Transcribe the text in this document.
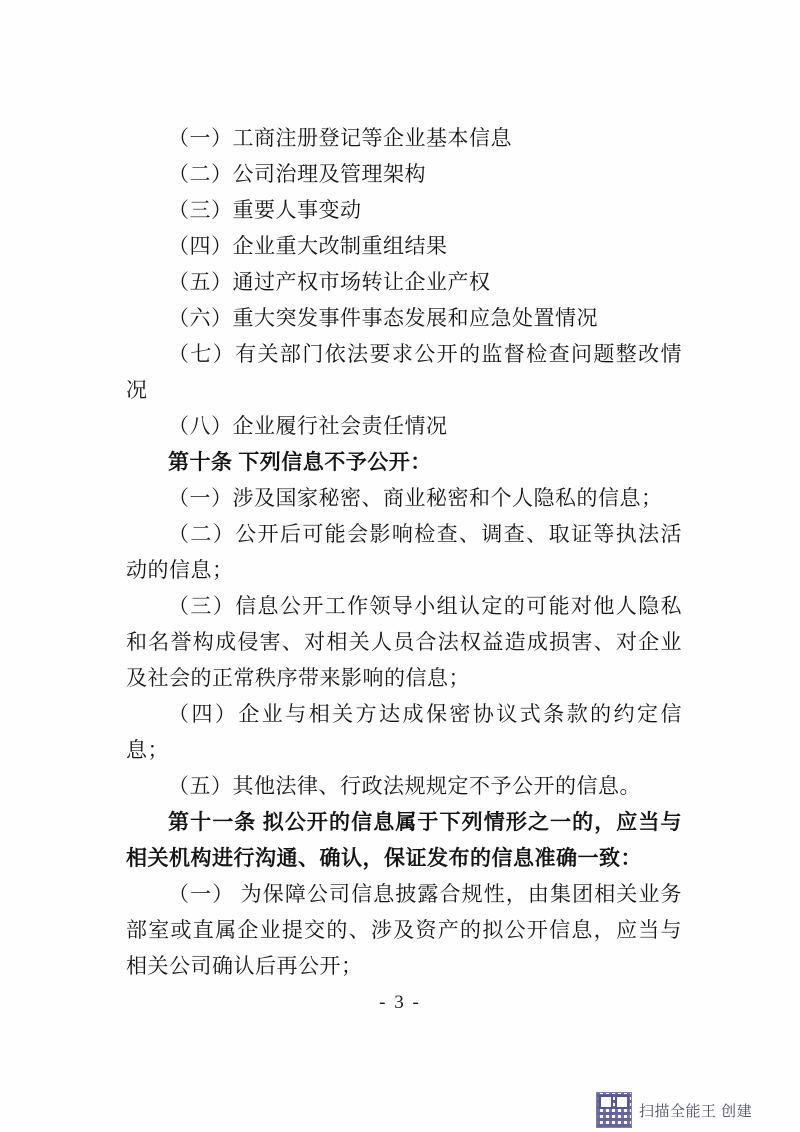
（一）工商注册登记等企业基本信息

（二）公司治理及管理架构

（三）重要人事变动

（四）企业重大改制重组结果

（五）通过产权市场转让企业产权

（六）重大突发事件事态发展和应急处置情况

（七）有关部门依法要求公开的监督检查问题整改情况

（八）企业履行社会责任情况

第十条 下列信息不予公开：

（一）涉及国家秘密、商业秘密和个人隐私的信息；

（二）公开后可能会影响检查、调查、取证等执法活动的信息；

（三）信息公开工作领导小组认定的可能对他人隐私和名誉构成侵害、对相关人员合法权益造成损害、对企业及社会的正常秩序带来影响的信息；

（四）企业与相关方达成保密协议式条款的约定信息；

（五）其他法律、行政法规规定不予公开的信息。

第十一条 拟公开的信息属于下列情形之一的，应当与相关机构进行沟通、确认，保证发布的信息准确一致：

（一） 为保障公司信息披露合规性，由集团相关业务部室或直属企业提交的、涉及资产的拟公开信息，应当与相关公司确认后再公开；

- 3 -
扫描全能王 创建
